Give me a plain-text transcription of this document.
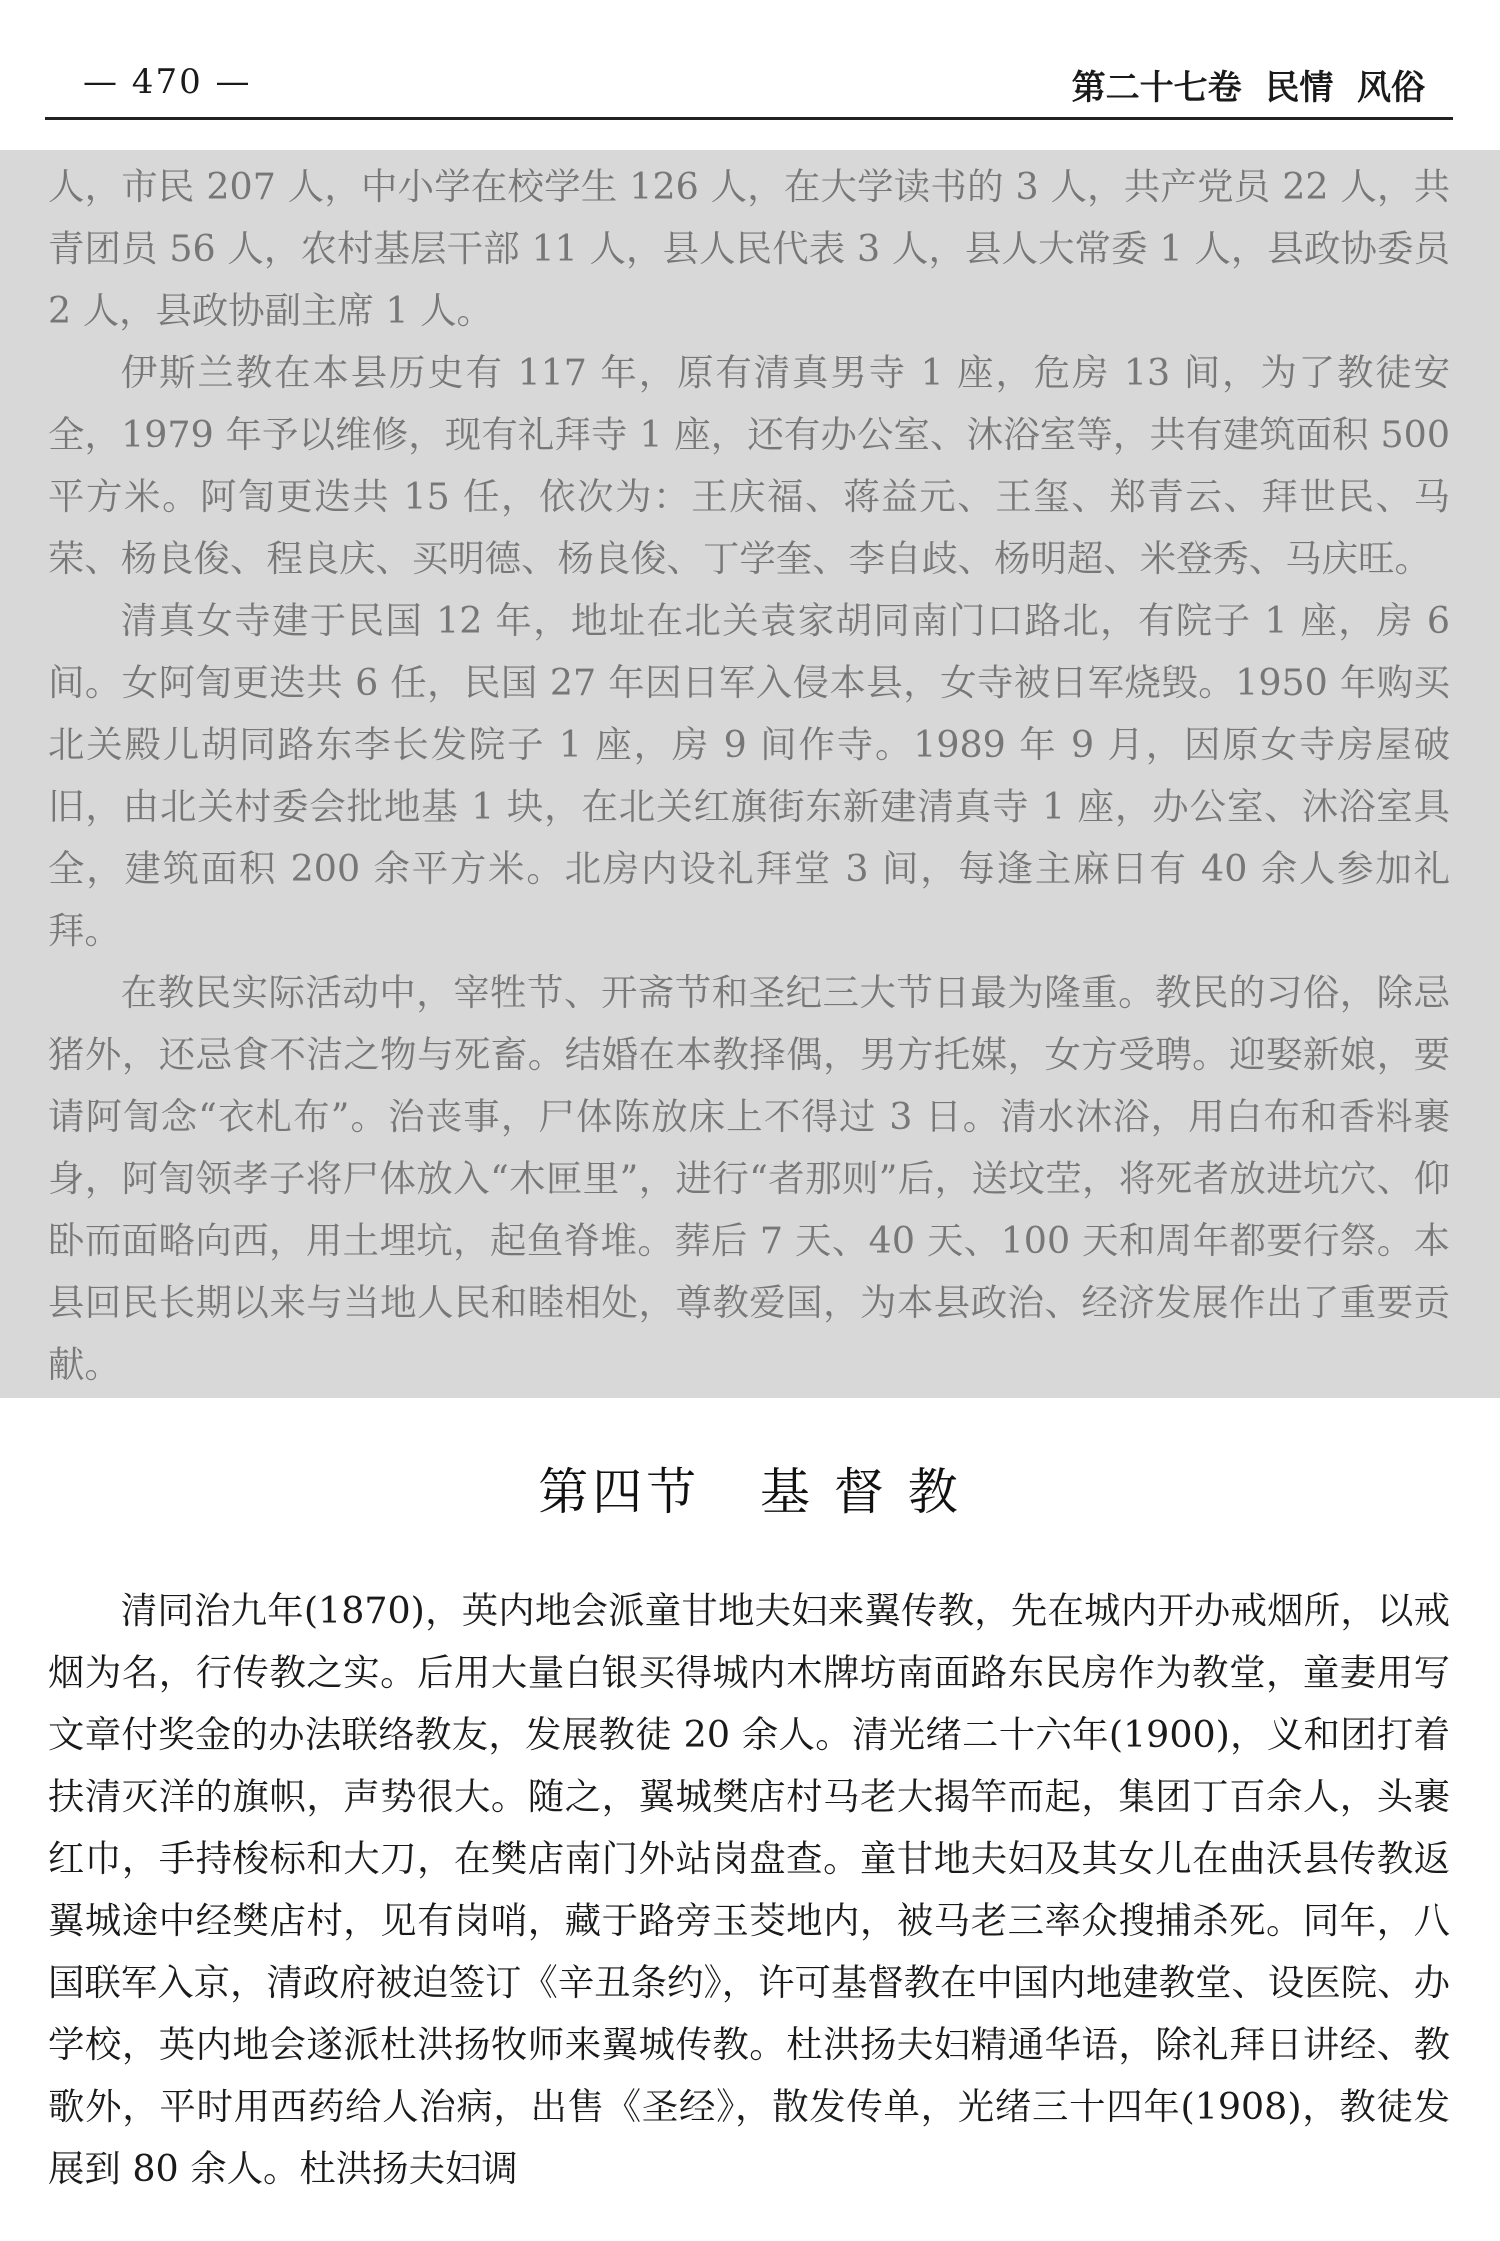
— 470 —	第二十七卷  民情  风俗

人，市民 207 人，中小学在校学生 126 人，在大学读书的 3 人，共产党员 22 人，共青团员 56 人，农村基层干部 11 人，县人民代表 3 人，县人大常委 1 人，县政协委员 2 人，县政协副主席 1 人。

伊斯兰教在本县历史有 117 年，原有清真男寺 1 座，危房 13 间，为了教徒安全，1979 年予以维修，现有礼拜寺 1 座，还有办公室、沐浴室等，共有建筑面积 500 平方米。阿訇更迭共 15 任，依次为：王庆福、蒋益元、王玺、郑青云、拜世民、马荣、杨良俊、程良庆、买明德、杨良俊、丁学奎、李自歧、杨明超、米登秀、马庆旺。

清真女寺建于民国 12 年，地址在北关袁家胡同南门口路北，有院子 1 座，房 6 间。女阿訇更迭共 6 任，民国 27 年因日军入侵本县，女寺被日军烧毁。1950 年购买北关殿儿胡同路东李长发院子 1 座，房 9 间作寺。1989 年 9 月，因原女寺房屋破旧，由北关村委会批地基 1 块，在北关红旗街东新建清真寺 1 座，办公室、沐浴室具全，建筑面积 200 余平方米。北房内设礼拜堂 3 间，每逢主麻日有 40 余人参加礼拜。

在教民实际活动中，宰牲节、开斋节和圣纪三大节日最为隆重。教民的习俗，除忌猪外，还忌食不洁之物与死畜。结婚在本教择偶，男方托媒，女方受聘。迎娶新娘，要请阿訇念“衣札布”。治丧事，尸体陈放床上不得过 3 日。清水沐浴，用白布和香料裹身，阿訇领孝子将尸体放入“木匣里”，进行“者那则”后，送坟茔，将死者放进坑穴、仰卧而面略向西，用土埋坑，起鱼脊堆。葬后 7 天、40 天、100 天和周年都要行祭。本县回民长期以来与当地人民和睦相处，尊教爱国，为本县政治、经济发展作出了重要贡献。

第四节   基 督 教

清同治九年(1870)，英内地会派童甘地夫妇来翼传教，先在城内开办戒烟所，以戒烟为名，行传教之实。后用大量白银买得城内木牌坊南面路东民房作为教堂，童妻用写文章付奖金的办法联络教友，发展教徒 20 余人。清光绪二十六年(1900)，义和团打着扶清灭洋的旗帜，声势很大。随之，翼城樊店村马老大揭竿而起，集团丁百余人，头裹红巾，手持梭标和大刀，在樊店南门外站岗盘查。童甘地夫妇及其女儿在曲沃县传教返翼城途中经樊店村，见有岗哨，藏于路旁玉茭地内，被马老三率众搜捕杀死。同年，八国联军入京，清政府被迫签订《辛丑条约》，许可基督教在中国内地建教堂、设医院、办学校，英内地会遂派杜洪扬牧师来翼城传教。杜洪扬夫妇精通华语，除礼拜日讲经、教歌外，平时用西药给人治病，出售《圣经》，散发传单，光绪三十四年(1908)，教徒发展到 80 余人。杜洪扬夫妇调
